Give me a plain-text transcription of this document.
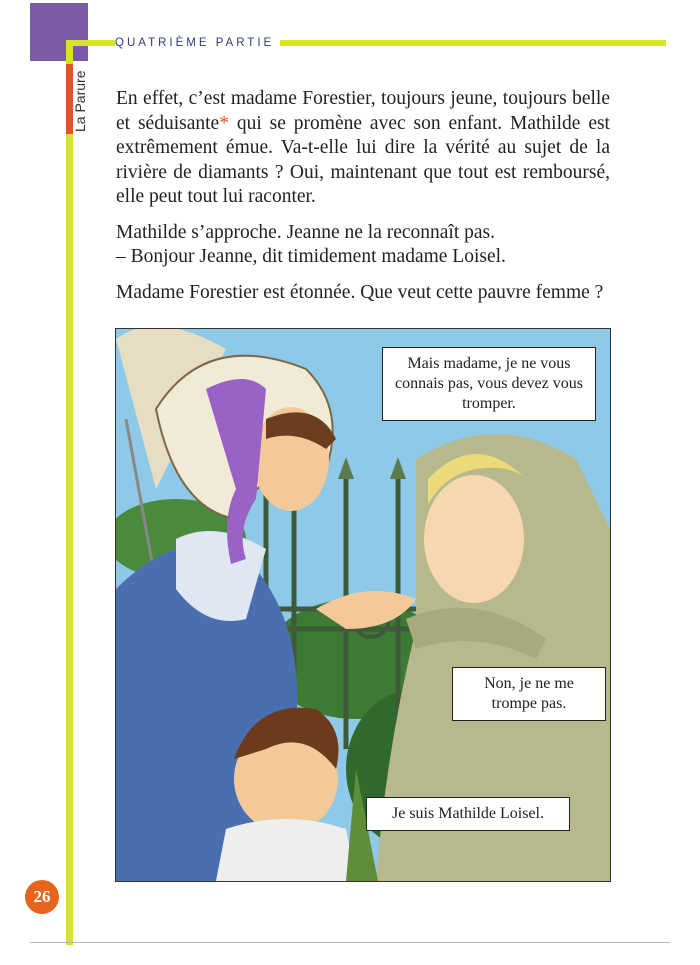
QUATRIÈME PARTIE
La Parure En effet, c’est madame Forestier, toujours jeune, toujours belle et séduisante* qui se promène avec son enfant. Mathilde est extrêmement émue. Va-t-elle lui dire la vérité au sujet de la rivière de diamants ? Oui, maintenant que tout est remboursé, elle peut tout lui raconter.

Mathilde s’approche. Jeanne ne la reconnaît pas.
– Bonjour Jeanne, dit timidement madame Loisel.

Madame Forestier est étonnée. Que veut cette pauvre femme ?

Mais madame, je ne vous connais pas, vous devez vous tromper.
Non, je ne me trompe pas.
Je suis Mathilde Loisel.
26
